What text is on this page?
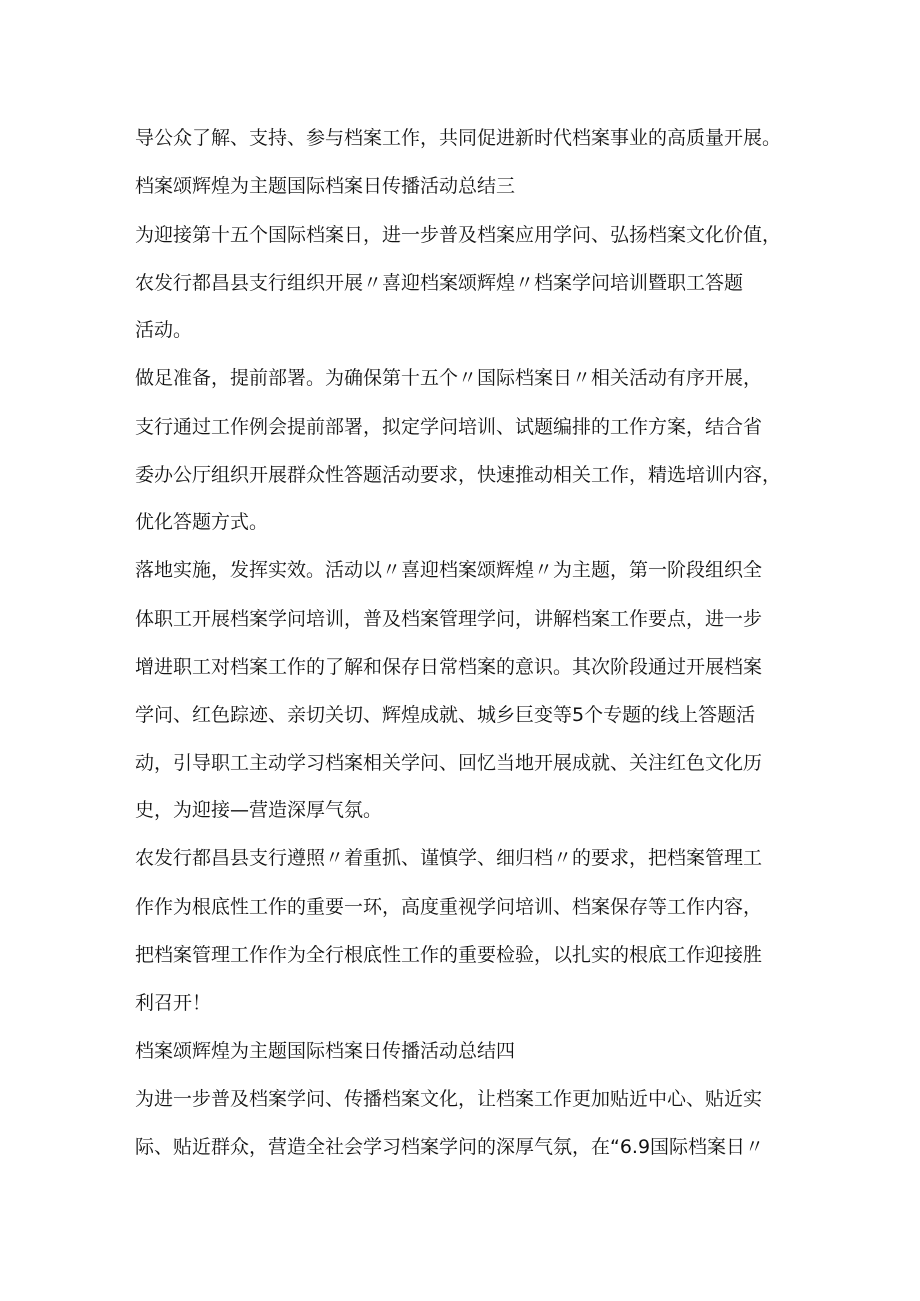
导公众了解、支持、参与档案工作，共同促进新时代档案事业的高质量开展。
档案颂辉煌为主题国际档案日传播活动总结三
为迎接第十五个国际档案日，进一步普及档案应用学问、弘扬档案文化价值，
农发行都昌县支行组织开展〃喜迎档案颂辉煌〃档案学问培训暨职工答题
活动。
做足准备，提前部署。为确保第十五个〃国际档案日〃相关活动有序开展，
支行通过工作例会提前部署，拟定学问培训、试题编排的工作方案，结合省
委办公厅组织开展群众性答题活动要求，快速推动相关工作，精选培训内容，
优化答题方式。
落地实施，发挥实效。活动以〃喜迎档案颂辉煌〃为主题，第一阶段组织全
体职工开展档案学问培训，普及档案管理学问，讲解档案工作要点，进一步
增进职工对档案工作的了解和保存日常档案的意识。其次阶段通过开展档案
学问、红色踪迹、亲切关切、辉煌成就、城乡巨变等5个专题的线上答题活
动，引导职工主动学习档案相关学问、回忆当地开展成就、关注红色文化历
史，为迎接—营造深厚气氛。
农发行都昌县支行遵照〃着重抓、谨慎学、细归档〃的要求，把档案管理工
作作为根底性工作的重要一环，高度重视学问培训、档案保存等工作内容，
把档案管理工作作为全行根底性工作的重要检验，以扎实的根底工作迎接胜
利召开！
档案颂辉煌为主题国际档案日传播活动总结四
为进一步普及档案学问、传播档案文化，让档案工作更加贴近中心、贴近实
际、贴近群众，营造全社会学习档案学问的深厚气氛，在“6.9国际档案日〃
